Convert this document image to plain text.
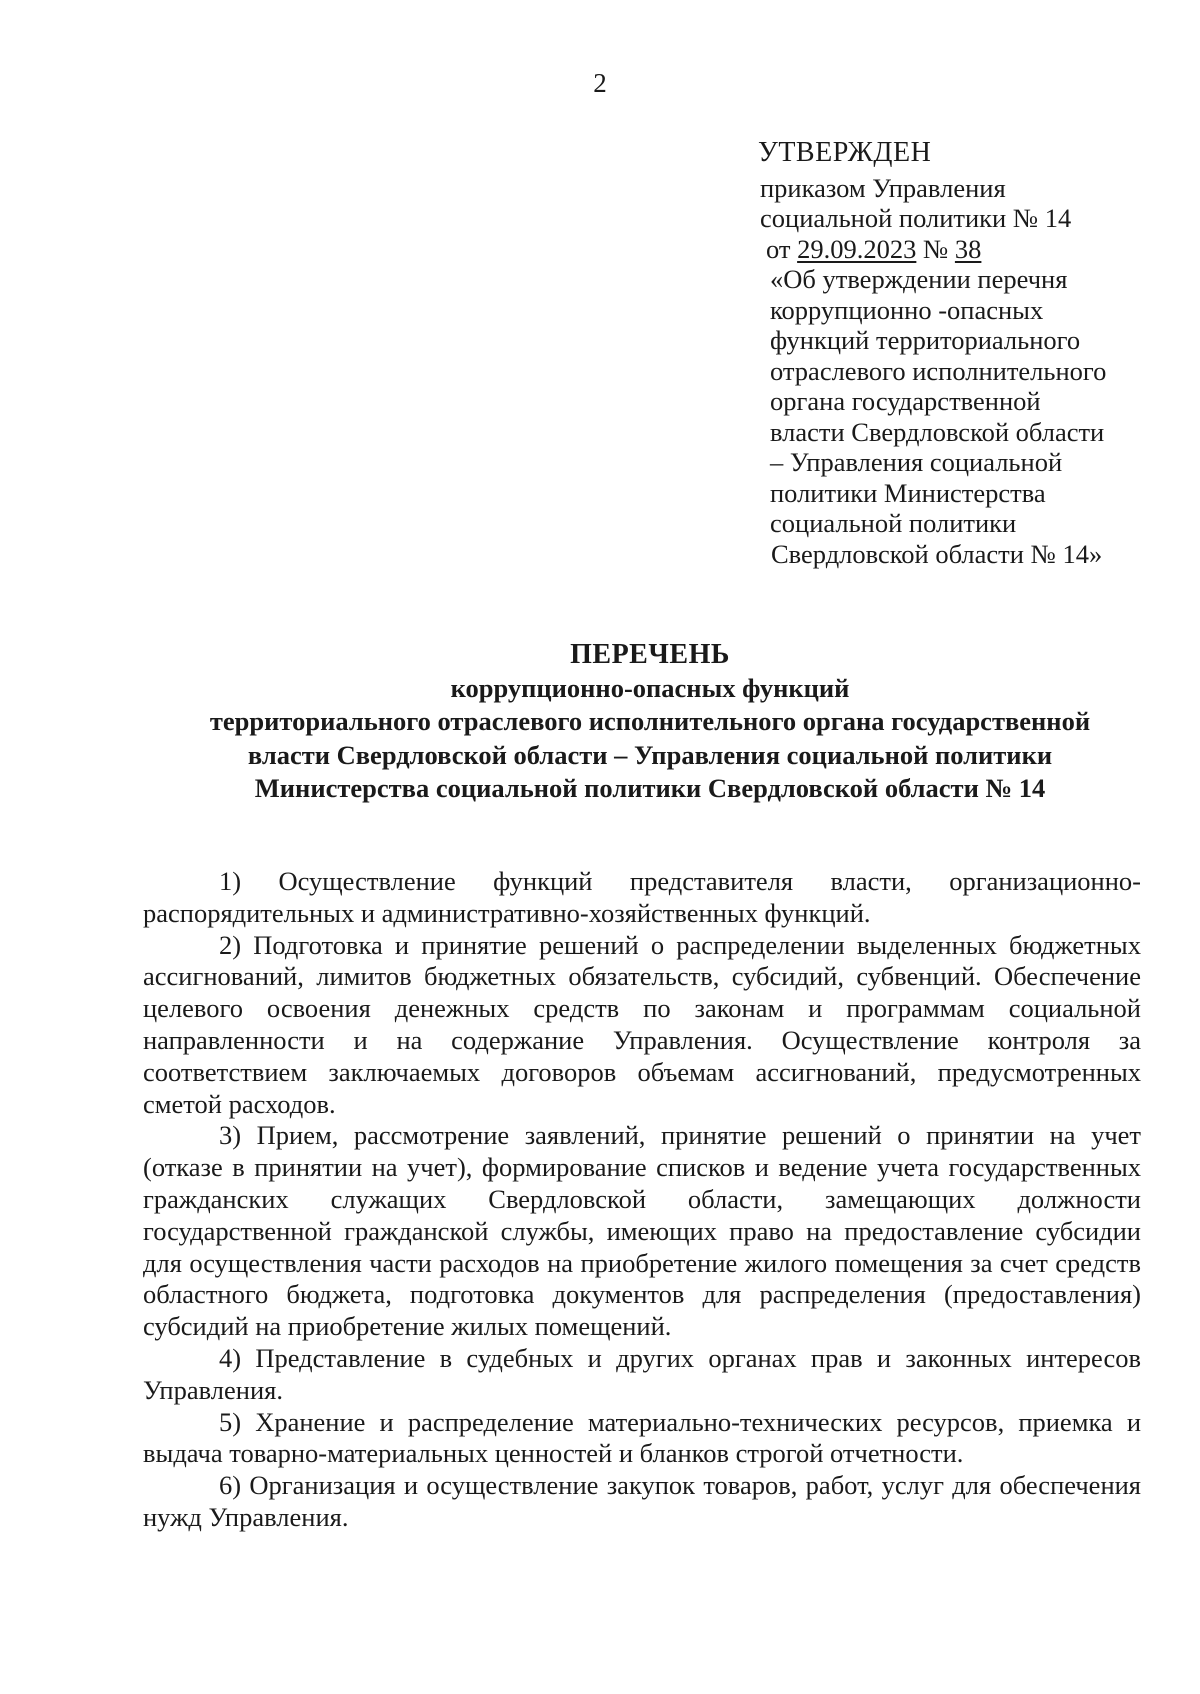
2
УТВЕРЖДЕН
приказом Управления
социальной политики № 14
от 29.09.2023 № 38
«Об утверждении перечня
коррупционно -опасных
функций территориального
отраслевого исполнительного
органа государственной
власти Свердловской области
– Управления социальной
политики Министерства
социальной политики
Свердловской области № 14»
ПЕРЕЧЕНЬ
коррупционно-опасных функций
территориального отраслевого исполнительного органа государственной
власти Свердловской области – Управления социальной политики
Министерства социальной политики Свердловской области № 14

1) Осуществление функций представителя власти, организационно-распорядительных и административно-хозяйственных функций.

2) Подготовка и принятие решений о распределении выделенных бюджетных ассигнований, лимитов бюджетных обязательств, субсидий, субвенций. Обеспечение целевого освоения денежных средств по законам и программам социальной направленности и на содержание Управления. Осуществление контроля за соответствием заключаемых договоров объемам ассигнований, предусмотренных сметой расходов.

3) Прием, рассмотрение заявлений, принятие решений о принятии на учет (отказе в принятии на учет), формирование списков и ведение учета государственных гражданских служащих Свердловской области, замещающих должности государственной гражданской службы, имеющих право на предоставление субсидии для осуществления части расходов на приобретение жилого помещения за счет средств областного бюджета, подготовка документов для распределения (предоставления) субсидий на приобретение жилых помещений.

4) Представление в судебных и других органах прав и законных интересов Управления.

5) Хранение и распределение материально-технических ресурсов, приемка и выдача товарно-материальных ценностей и бланков строгой отчетности.

6) Организация и осуществление закупок товаров, работ, услуг для обеспечения нужд Управления.
